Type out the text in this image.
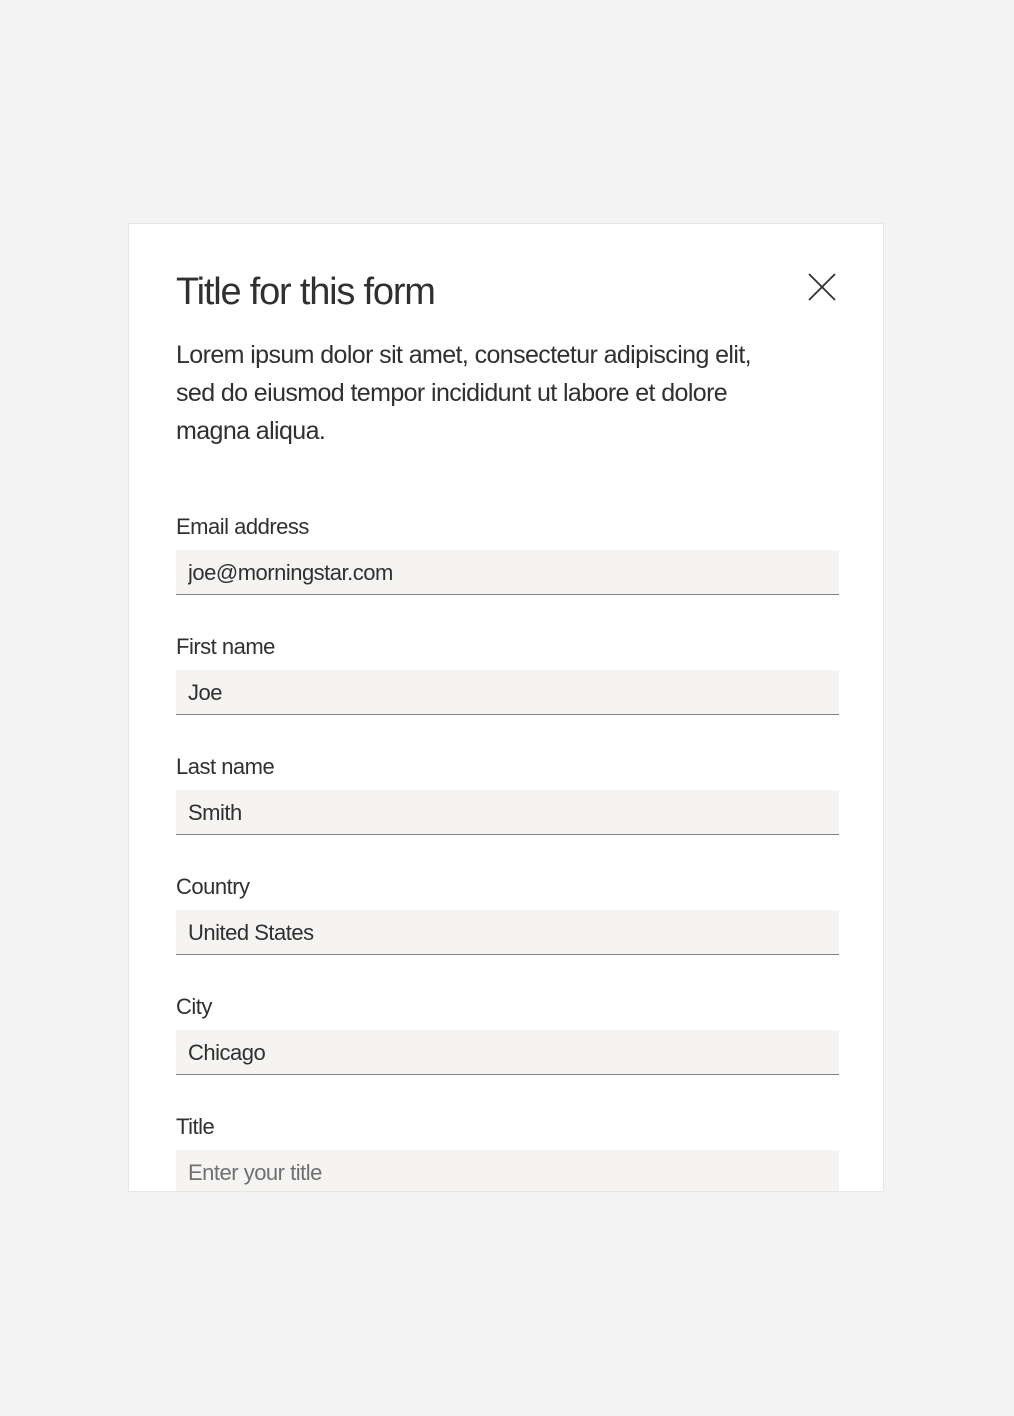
Title for this form

Lorem ipsum dolor sit amet, consectetur adipiscing elit, sed do eiusmod tempor incididunt ut labore et dolore magna aliqua.

Email address
joe@morningstar.com
First name
Joe
Last name
Smith
Country
United States
City
Chicago
Title
Enter your title
